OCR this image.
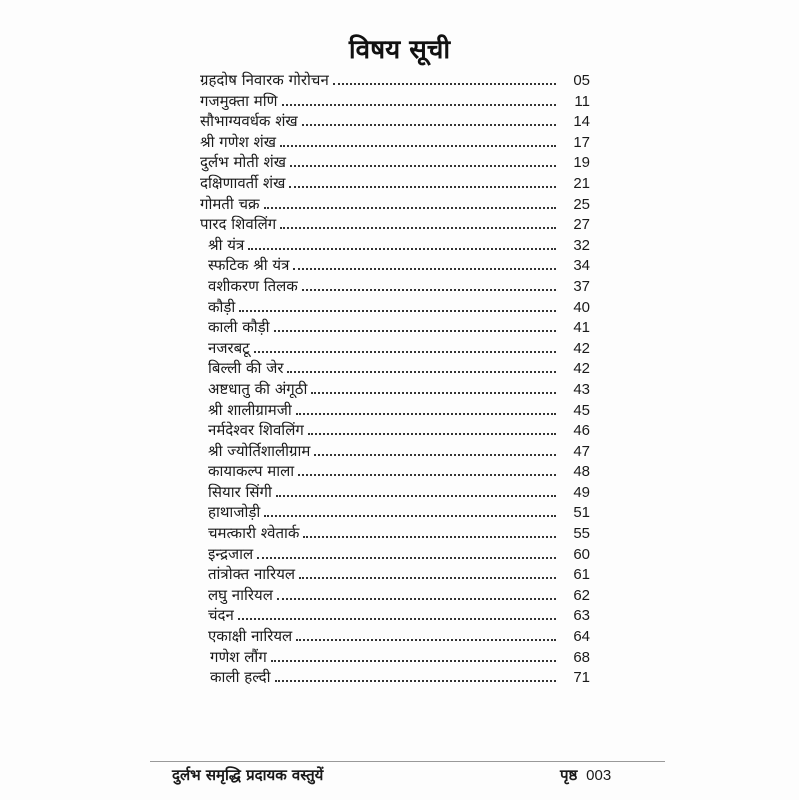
विषय सूची
ग्रहदोष निवारक गोरोचन	05
गजमुक्ता मणि	11
सौभाग्यवर्धक शंख	14
श्री गणेश शंख	17
दुर्लभ मोती शंख	19
दक्षिणावर्ती शंख	21
गोमती चक्र	25
पारद शिवलिंग	27
श्री यंत्र	32
स्फटिक श्री यंत्र	34
वशीकरण तिलक	37
कौड़ी	40
काली कौड़ी	41
नजरबटू	42
बिल्ली की जेर	42
अष्टधातु की अंगूठी	43
श्री शालीग्रामजी	45
नर्मदेश्वर शिवलिंग	46
श्री ज्योर्तिशालीग्राम	47
कायाकल्प माला	48
सियार सिंगी	49
हाथाजोड़ी	51
चमत्कारी श्वेतार्क	55
इन्द्रजाल	60
तांत्रोक्त नारियल	61
लघु नारियल	62
चंदन	63
एकाक्षी नारियल	64
गणेश लौंग	68
काली हल्दी	71
दुर्लभ समृद्धि प्रदायक वस्तुयें	पृष्ठ 003
